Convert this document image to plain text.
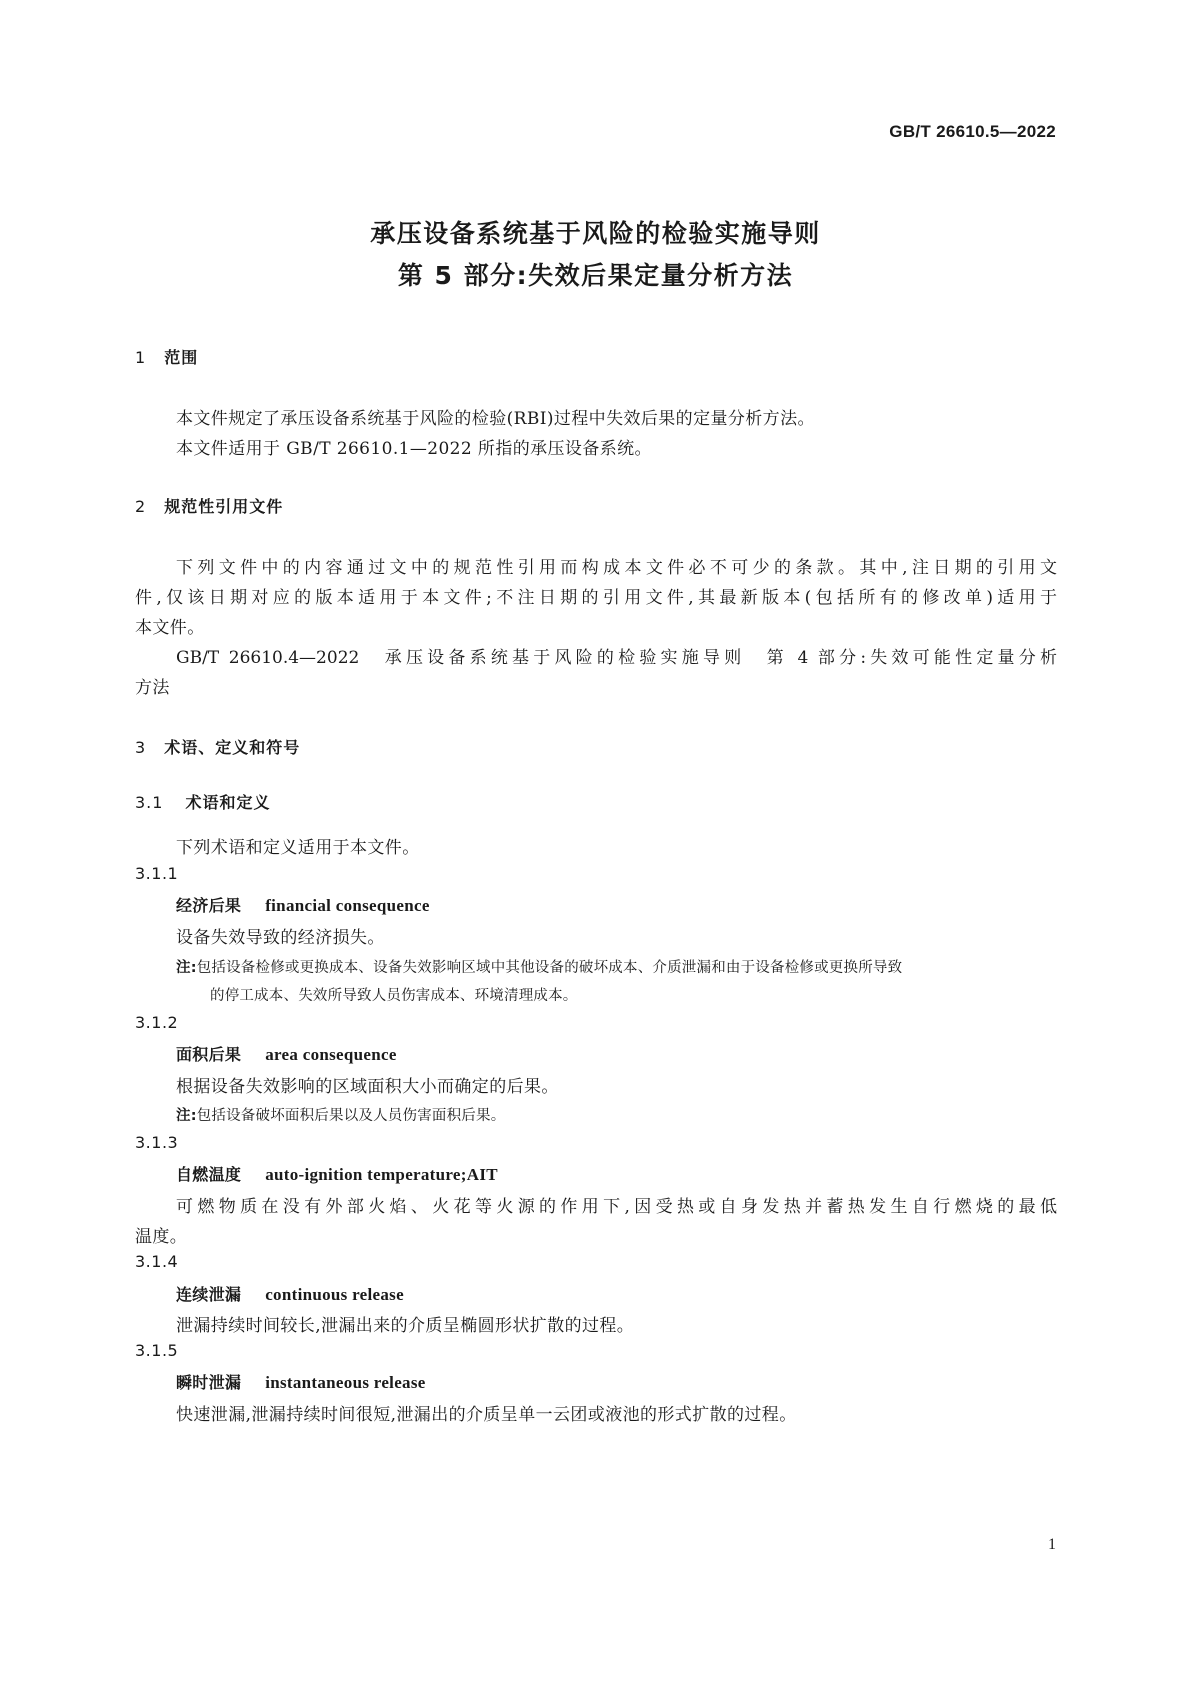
GB/T 26610.5—2022
承压设备系统基于风险的检验实施导则
第 5 部分:失效后果定量分析方法
1 范围
本文件规定了承压设备系统基于风险的检验(RBI)过程中失效后果的定量分析方法。
本文件适用于 GB/T 26610.1—2022 所指的承压设备系统。
2 规范性引用文件
下列文件中的内容通过文中的规范性引用而构成本文件必不可少的条款。其中,注日期的引用文
件,仅该日期对应的版本适用于本文件;不注日期的引用文件,其最新版本(包括所有的修改单)适用于
本文件。
GB/T 26610.4—2022　承压设备系统基于风险的检验实施导则　第 4 部分:失效可能性定量分析
方法
3 术语、定义和符号
3.1 术语和定义
下列术语和定义适用于本文件。
3.1.1
经济后果 financial consequence
设备失效导致的经济损失。
注:包括设备检修或更换成本、设备失效影响区域中其他设备的破坏成本、介质泄漏和由于设备检修或更换所导致
的停工成本、失效所导致人员伤害成本、环境清理成本。
3.1.2
面积后果 area consequence
根据设备失效影响的区域面积大小而确定的后果。
注:包括设备破坏面积后果以及人员伤害面积后果。
3.1.3
自燃温度 auto-ignition temperature;AIT
可燃物质在没有外部火焰、火花等火源的作用下,因受热或自身发热并蓄热发生自行燃烧的最低
温度。
3.1.4
连续泄漏 continuous release
泄漏持续时间较长,泄漏出来的介质呈椭圆形状扩散的过程。
3.1.5
瞬时泄漏 instantaneous release
快速泄漏,泄漏持续时间很短,泄漏出的介质呈单一云团或液池的形式扩散的过程。
1
